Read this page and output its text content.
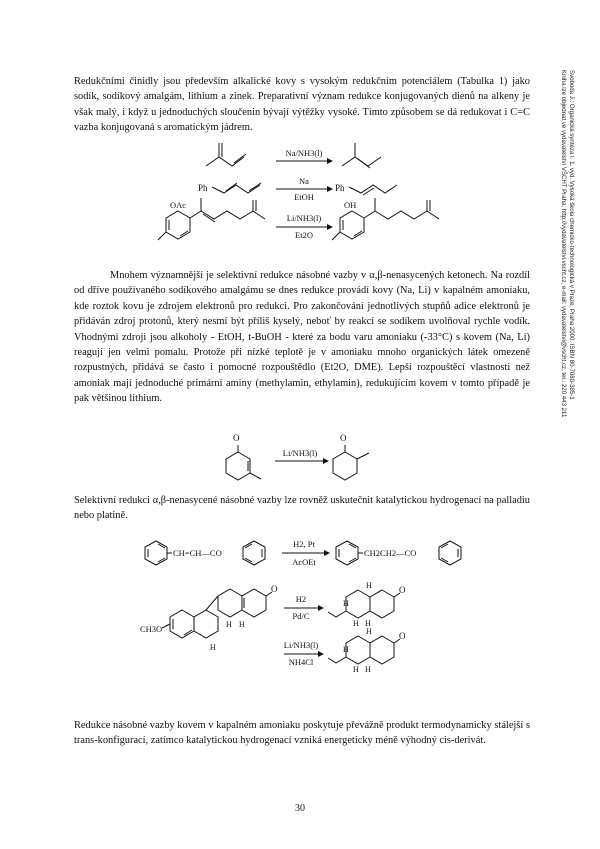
Svoboda J.: Organická syntéza I. 1. vyd. Vysoká škola chemicko-technologická v Praze, Praha 2000. ISBN 80-7080-385-1
Kniha lze objednat ve vydavatelství VŠCHT Praha, http://vydavatelstvi.vscht.cz, e-mail: vydavatelstvi@vscht.cz, tel.: 220 443 211

Redukčními činidly jsou především alkalické kovy s vysokým redukčním potenciálem (Tabulka 1) jako sodík, sodíkový amalgám, lithium a zinek. Preparativní význam redukce konjugovaných dienů na alkeny je však malý, i když u jednoduchých sloučenin bývají výtěžky vysoké. Tímto způsobem se dá redukovat i C=C vazba konjugovaná s aromatickým jádrem.

Na/NH3(l)
Ph
Na
EtOH
Ph
OAc
Li/NH3(l)
Et2O
OH

Mnohem významnější je selektivní redukce násobné vazby v α,β-nenasycených ketonech. Na rozdíl od dříve používaného sodíkového amalgámu se dnes redukce provádí kovy (Na, Li) v kapalném amoniaku, kde roztok kovu je zdrojem elektronů pro redukci. Pro zakončování jednotlivých stupňů adice elektronů je přidáván zdroj protonů, který nesmí být příliš kyselý, neboť by reakcí se sodíkem uvolňoval rychle vodík. Vhodnými zdroji jsou alkoholy - EtOH, t-BuOH - které za bodu varu amoniaku (-33°C) s kovem (Na, Li) reagují jen velmi pomalu. Protože při nízké teplotě je v amoniaku mnoho organických látek omezeně rozpustných, přidává se často i pomocné rozpouštědlo (Et2O, DME). Lepší rozpouštěcí vlastnosti než amoniak mají jednoduché primární aminy (methylamin, ethylamin), redukujícím kovem v tomto případě je pak většinou lithium.

O
Li/NH3(l)
O

Selektivní redukci α,β-nenasycené násobné vazby lze rovněž uskutečnit katalytickou hydrogenací na palladiu nebo platině.

CH=CH—CO
H2, Pt
AcOEt
CH2CH2—CO
CH3O
O
H H
H
H2
Pd/C
O
H
H
H H
Li/NH3(l)
NH4Cl
O
H
H
H H

Redukce násobné vazby kovem v kapalném amoniaku poskytuje převážně produkt termodynamicky stálejší s trans-konfigurací, zatímco katalytickou hydrogenací vzniká energeticky méně výhodný cis-derivát.

30
